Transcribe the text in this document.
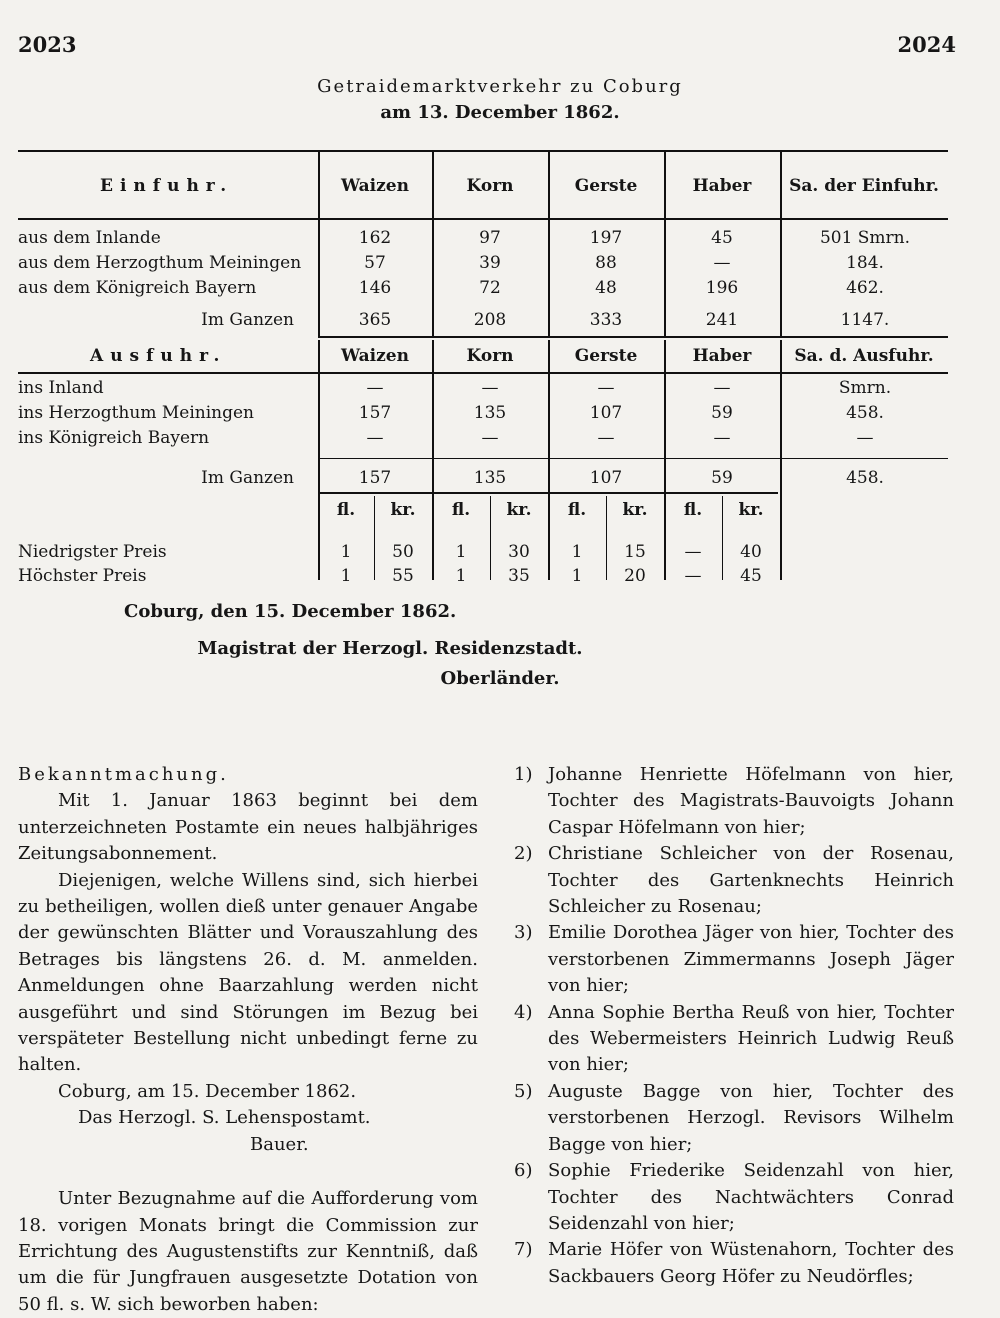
2023	2024
Getraidemarktverkehr zu Coburg
am 13. December 1862.
Einfuhr.	Waizen	Korn	Gerste	Haber	Sa. der Einfuhr.
aus dem Inlande	162	97	197	45	501 Smrn.
aus dem Herzogthum Meiningen	57	39	88	—	184.
aus dem Königreich Bayern	146	72	48	196	462.
Im Ganzen	365	208	333	241	1147.
Ausfuhr.	Waizen	Korn	Gerste	Haber	Sa. d. Ausfuhr.
ins Inland	—	—	—	—	Smrn.
ins Herzogthum Meiningen	157	135	107	59	458.
ins Königreich Bayern	—	—	—	—	—
Im Ganzen	157	135	107	59	458.
fl.	kr.	fl.	kr.	fl.	kr.	fl.	kr.
Niedrigster Preis	1	50	1	30	1	15	—	40
Höchster Preis	1	55	1	35	1	20	—	45
Coburg, den 15. December 1862.
Magistrat der Herzogl. Residenzstadt.
Oberländer.

Bekanntmachung.

Mit 1. Januar 1863 beginnt bei dem unterzeichneten Postamte ein neues halbjähriges Zeitungsabonnement.

Diejenigen, welche Willens sind, sich hierbei zu betheiligen, wollen dieß unter genauer Angabe der gewünschten Blätter und Vorauszahlung des Betrages bis längstens 26. d. M. anmelden. Anmeldungen ohne Baarzahlung werden nicht ausgeführt und sind Störungen im Bezug bei verspäteter Bestellung nicht unbedingt ferne zu halten.

Coburg, am 15. December 1862.

Das Herzogl. S. Lehenspostamt.

Bauer.

Unter Bezugnahme auf die Aufforderung vom 18. vorigen Monats bringt die Commission zur Errichtung des Augustenstifts zur Kenntniß, daß um die für Jungfrauen ausgesetzte Dotation von 50 fl. s. W. sich beworben haben:

1) Johanne Henriette Höfelmann von hier, Tochter des Magistrats-Bauvoigts Johann Caspar Höfelmann von hier;
2) Christiane Schleicher von der Rosenau, Tochter des Gartenknechts Heinrich Schleicher zu Rosenau;
3) Emilie Dorothea Jäger von hier, Tochter des verstorbenen Zimmermanns Joseph Jäger von hier;
4) Anna Sophie Bertha Reuß von hier, Tochter des Webermeisters Heinrich Ludwig Reuß von hier;
5) Auguste Bagge von hier, Tochter des verstorbenen Herzogl. Revisors Wilhelm Bagge von hier;
6) Sophie Friederike Seidenzahl von hier, Tochter des Nachtwächters Conrad Seidenzahl von hier;
7) Marie Höfer von Wüstenahorn, Tochter des Sackbauers Georg Höfer zu Neudörfles;
